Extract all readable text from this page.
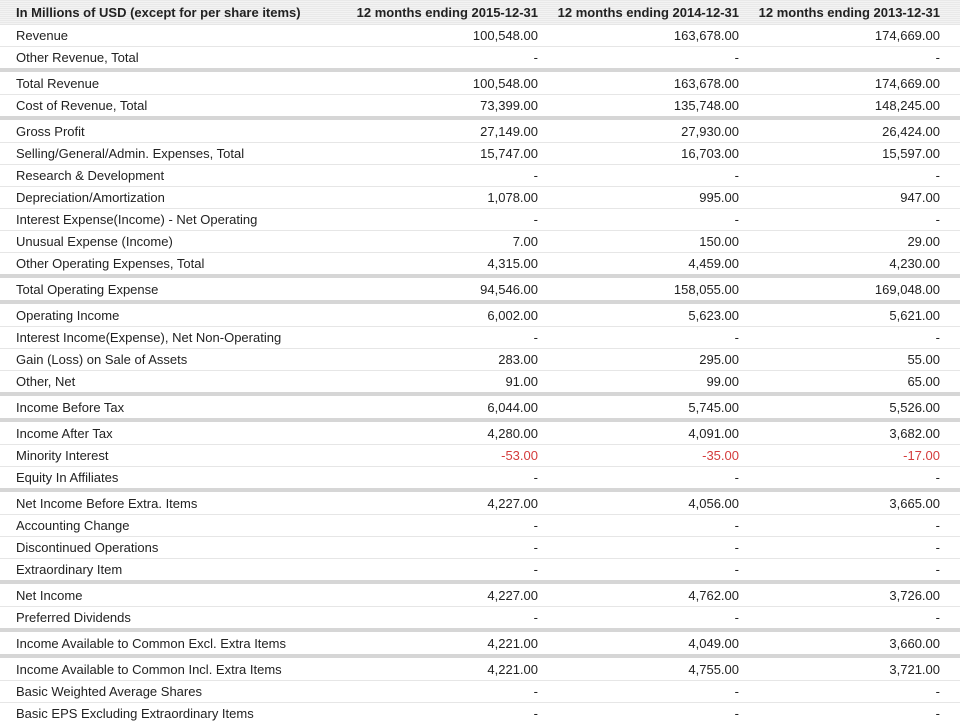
In Millions of USD (except for per share items)	12 months ending 2015-12-31	12 months ending 2014-12-31	12 months ending 2013-12-31
Revenue	100,548.00	163,678.00	174,669.00
Other Revenue, Total	-	-	-
Total Revenue	100,548.00	163,678.00	174,669.00
Cost of Revenue, Total	73,399.00	135,748.00	148,245.00
Gross Profit	27,149.00	27,930.00	26,424.00
Selling/General/Admin. Expenses, Total	15,747.00	16,703.00	15,597.00
Research & Development	-	-	-
Depreciation/Amortization	1,078.00	995.00	947.00
Interest Expense(Income) - Net Operating	-	-	-
Unusual Expense (Income)	7.00	150.00	29.00
Other Operating Expenses, Total	4,315.00	4,459.00	4,230.00
Total Operating Expense	94,546.00	158,055.00	169,048.00
Operating Income	6,002.00	5,623.00	5,621.00
Interest Income(Expense), Net Non-Operating	-	-	-
Gain (Loss) on Sale of Assets	283.00	295.00	55.00
Other, Net	91.00	99.00	65.00
Income Before Tax	6,044.00	5,745.00	5,526.00
Income After Tax	4,280.00	4,091.00	3,682.00
Minority Interest	-53.00	-35.00	-17.00
Equity In Affiliates	-	-	-
Net Income Before Extra. Items	4,227.00	4,056.00	3,665.00
Accounting Change	-	-	-
Discontinued Operations	-	-	-
Extraordinary Item	-	-	-
Net Income	4,227.00	4,762.00	3,726.00
Preferred Dividends	-	-	-
Income Available to Common Excl. Extra Items	4,221.00	4,049.00	3,660.00
Income Available to Common Incl. Extra Items	4,221.00	4,755.00	3,721.00
Basic Weighted Average Shares	-	-	-
Basic EPS Excluding Extraordinary Items	-	-	-
